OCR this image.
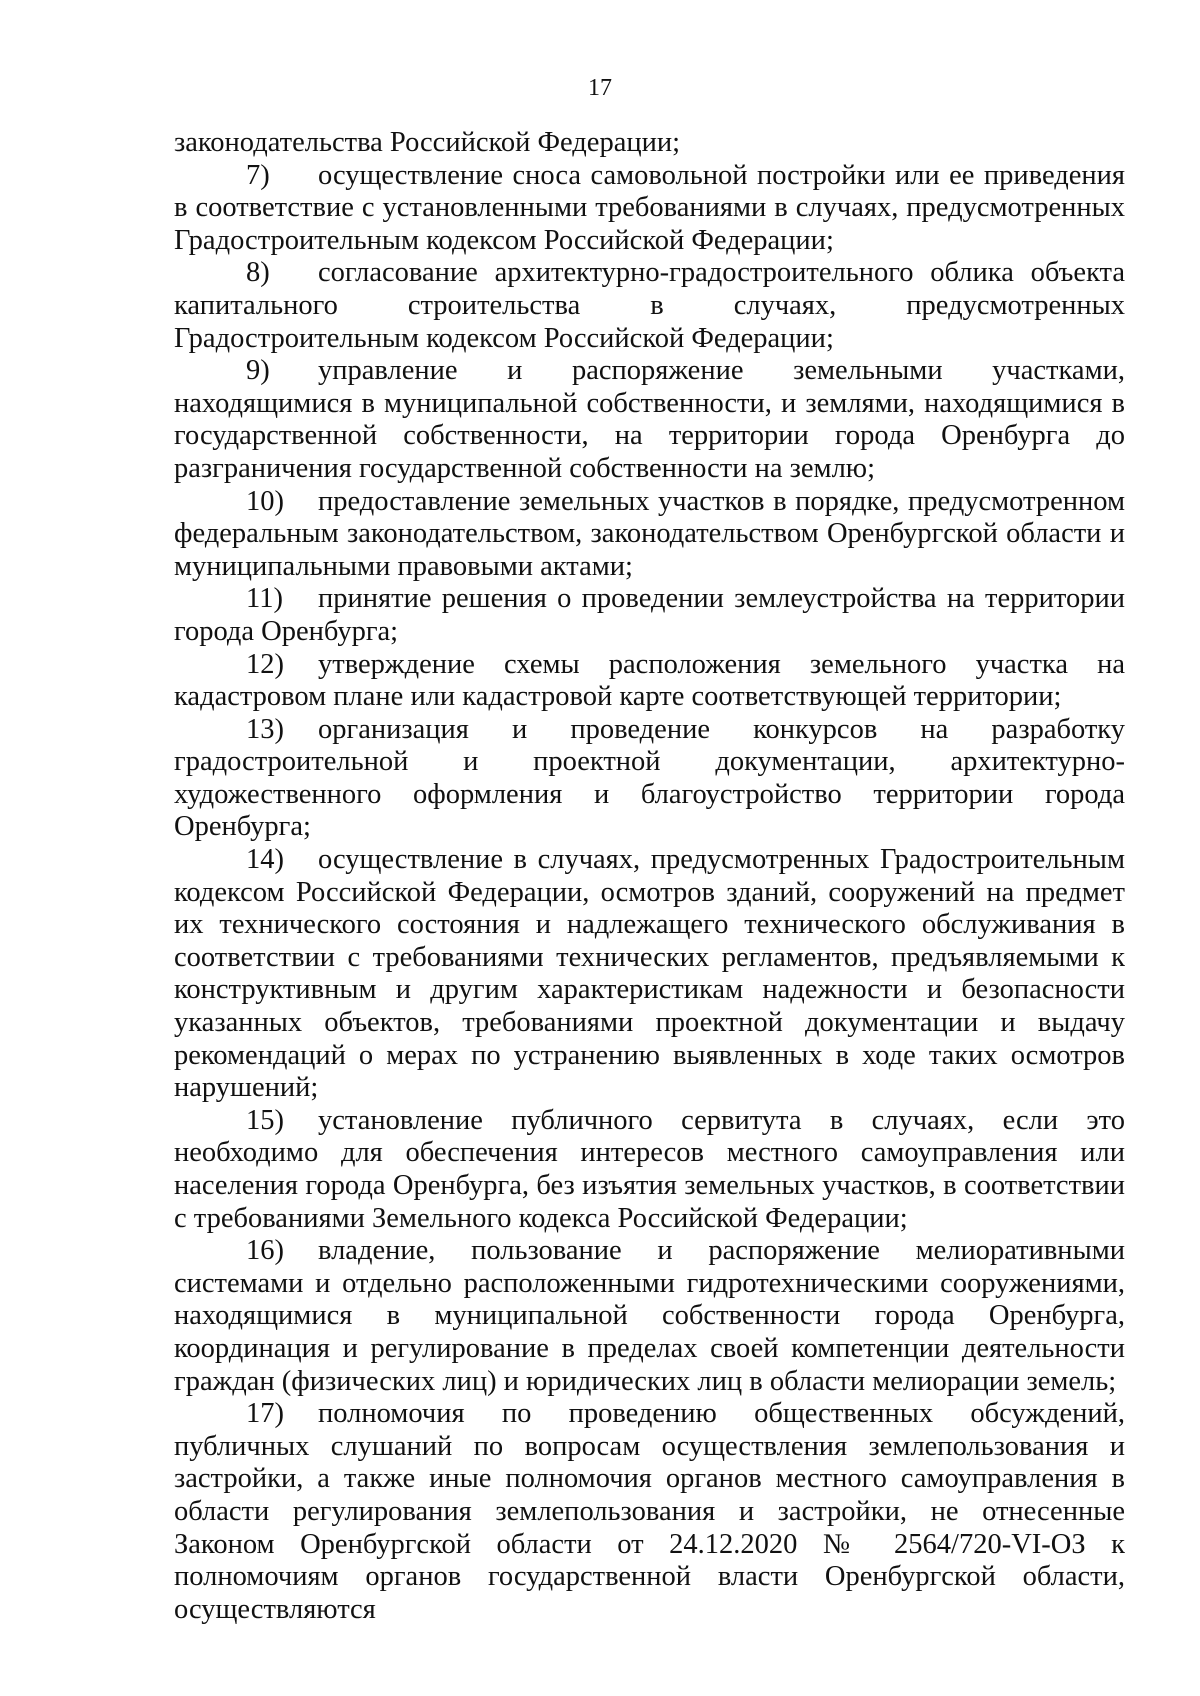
17

законодательства Российской Федерации;

7) осуществление сноса самовольной постройки или ее приведения в соответствие с установленными требованиями в случаях, предусмотренных Градостроительным кодексом Российской Федерации;

8) согласование архитектурно-градостроительного облика объекта капитального строительства в случаях, предусмотренных Градостроительным кодексом Российской Федерации;

9) управление и распоряжение земельными участками, находящимися в муниципальной собственности, и землями, находящимися в государственной собственности, на территории города Оренбурга до разграничения государственной собственности на землю;

10) предоставление земельных участков в порядке, предусмотренном федеральным законодательством, законодательством Оренбургской области и муниципальными правовыми актами;

11) принятие решения о проведении землеустройства на территории города Оренбурга;

12) утверждение схемы расположения земельного участка на кадастровом плане или кадастровой карте соответствующей территории;

13) организация и проведение конкурсов на разработку градостроительной и проектной документации, архитектурно-художественного оформления и благоустройство территории города Оренбурга;

14) осуществление в случаях, предусмотренных Градостроительным кодексом Российской Федерации, осмотров зданий, сооружений на предмет их технического состояния и надлежащего технического обслуживания в соответствии с требованиями технических регламентов, предъявляемыми к конструктивным и другим характеристикам надежности и безопасности указанных объектов, требованиями проектной документации и выдачу рекомендаций о мерах по устранению выявленных в ходе таких осмотров нарушений;

15) установление публичного сервитута в случаях, если это необходимо для обеспечения интересов местного самоуправления или населения города Оренбурга, без изъятия земельных участков, в соответствии с требованиями Земельного кодекса Российской Федерации;

16) владение, пользование и распоряжение мелиоративными системами и отдельно расположенными гидротехническими сооружениями, находящимися в муниципальной собственности города Оренбурга, координация и регулирование в пределах своей компетенции деятельности граждан (физических лиц) и юридических лиц в области мелиорации земель;

17) полномочия по проведению общественных обсуждений, публичных слушаний по вопросам осуществления землепользования и застройки, а также иные полномочия органов местного самоуправления в области регулирования землепользования и застройки, не отнесенные Законом Оренбургской области от 24.12.2020 № 2564/720-VI-ОЗ к полномочиям органов государственной власти Оренбургской области, осуществляются
